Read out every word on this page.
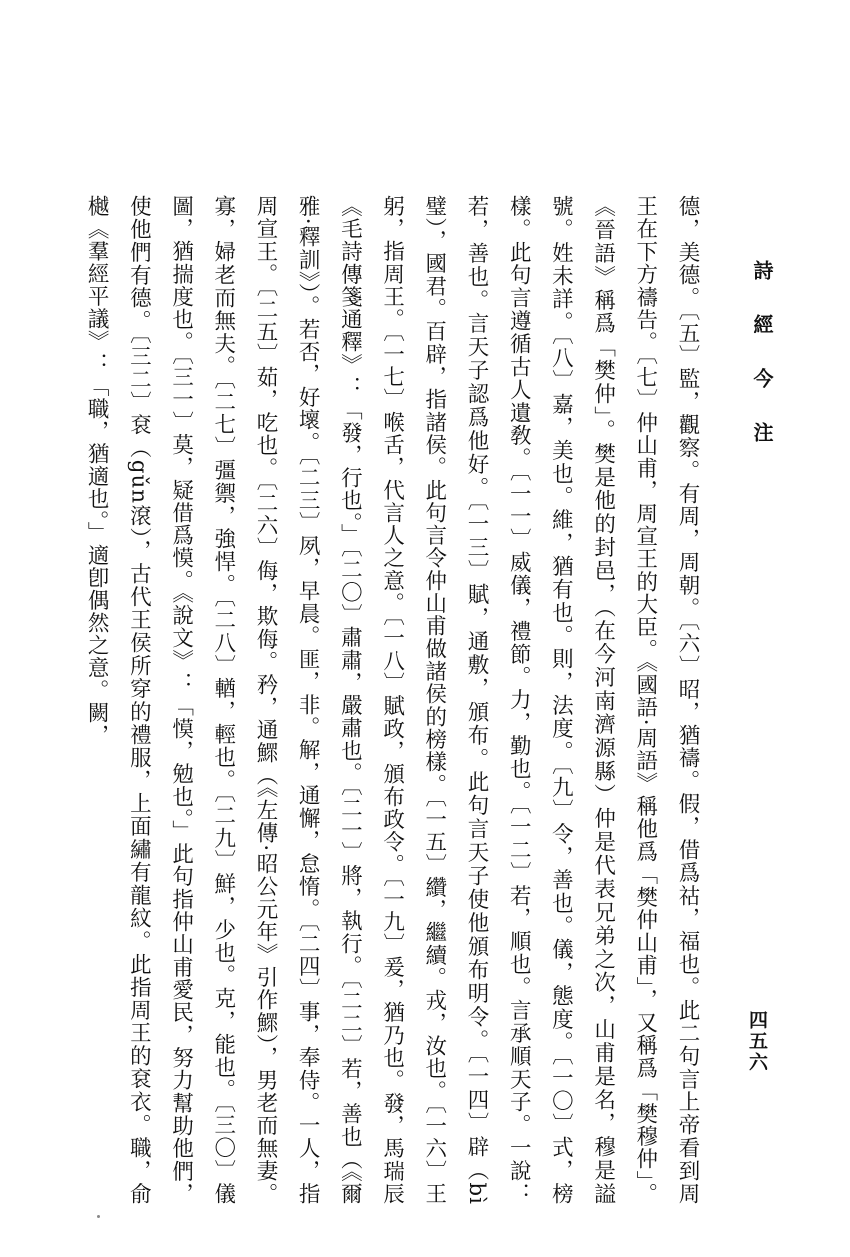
詩經今注
四五六

德，美德。〔五〕監，觀察。有周，周朝。〔六〕昭，猶禱。假，借爲祜，福也。此二句言上帝看到周王在下方禱告。〔七〕仲山甫，周宣王的大臣。《國語·周語》稱他爲「樊仲山甫」，又稱爲「樊穆仲」。《晉語》稱爲「樊仲」。樊是他的封邑，（在今河南濟源縣）仲是代表兄弟之次，山甫是名，穆是謚號。姓未詳。〔八〕嘉，美也。維，猶有也。則，法度。〔九〕令，善也。儀，態度。〔一〇〕式，榜樣。此句言遵循古人遺敎。〔一一〕威儀，禮節。力，勤也。〔一二〕若，順也。言承順天子。一說：若，善也。言天子認爲他好。〔一三〕賦，通敷，頒布。此句言天子使他頒布明令。〔一四〕辟（bì璧），國君。百辟，指諸侯。此句言令仲山甫做諸侯的榜樣。〔一五〕纘，繼續。戎，汝也。〔一六〕王躬，指周王。〔一七〕喉舌，代言人之意。〔一八〕賦政，頒布政令。〔一九〕爰，猶乃也。發，馬瑞辰《毛詩傳箋通釋》：「發，行也。」〔二〇〕肅肅，嚴肅也。〔二一〕將，執行。〔二二〕若，善也（《爾雅·釋訓》）。若否，好壞。〔二三〕夙，早晨。匪，非。解，通懈，怠惰。〔二四〕事，奉侍。一人，指周宣王。〔二五〕茹，吃也。〔二六〕侮，欺侮。矜，通鰥（《左傳·昭公元年》引作鰥），男老而無妻。寡，婦老而無夫。〔二七〕彊禦，強悍。〔二八〕輶，輕也。〔二九〕鮮，少也。克，能也。〔三〇〕儀圖，猶揣度也。〔三一〕莫，疑借爲慔。《說文》：「慔，勉也。」此句指仲山甫愛民，努力幫助他們，使他們有德。〔三二〕袞（gǔn滾），古代王侯所穿的禮服，上面繡有龍紋。此指周王的袞衣。職，俞樾《羣經平議》：「職，猶適也。」適卽偶然之意。闕，
